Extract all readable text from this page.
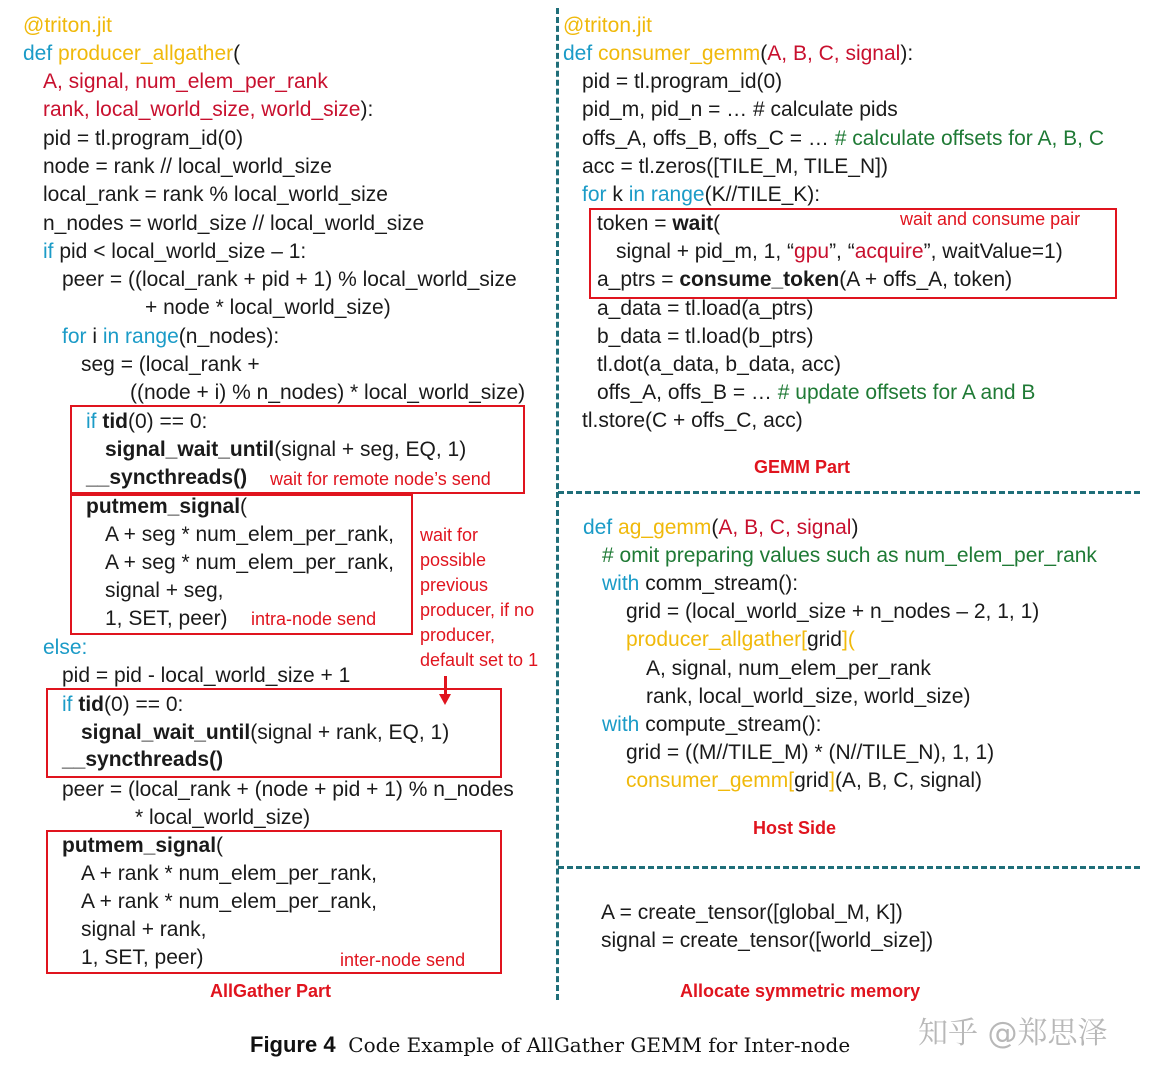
@triton.jit
def producer_allgather(
A, signal, num_elem_per_rank
rank, local_world_size, world_size):
pid = tl.program_id(0)
node = rank // local_world_size
local_rank = rank % local_world_size
n_nodes = world_size // local_world_size
if pid < local_world_size – 1:
peer = ((local_rank + pid + 1) % local_world_size
+ node * local_world_size)
for i in range(n_nodes):
seg = (local_rank +
((node + i) % n_nodes) * local_world_size)
if tid(0) == 0:
signal_wait_until(signal + seg, EQ, 1)
__syncthreads() wait for remote node’s send
putmem_signal(
A + seg * num_elem_per_rank,
A + seg * num_elem_per_rank,
signal + seg,
1, SET, peer) intra-node send
wait for
possible
previous
producer, if no
producer,
default set to 1
else:
pid = pid - local_world_size + 1
if tid(0) == 0:
signal_wait_until(signal + rank, EQ, 1)
__syncthreads()
peer = (local_rank + (node + pid + 1) % n_nodes
* local_world_size)
putmem_signal(
A + rank * num_elem_per_rank,
A + rank * num_elem_per_rank,
signal + rank,
1, SET, peer)	inter-node send
AllGather Part
@triton.jit
def consumer_gemm(A, B, C, signal):
pid = tl.program_id(0)
pid_m, pid_n = … # calculate pids
offs_A, offs_B, offs_C = … # calculate offsets for A, B, C
acc = tl.zeros([TILE_M, TILE_N])
for k in range(K//TILE_K):
token = wait(	wait and consume pair
signal + pid_m, 1, “gpu”, “acquire”, waitValue=1)
a_ptrs = consume_token(A + offs_A, token)
a_data = tl.load(a_ptrs)
b_data = tl.load(b_ptrs)
tl.dot(a_data, b_data, acc)
offs_A, offs_B = … # update offsets for A and B
tl.store(C + offs_C, acc)
GEMM Part
def ag_gemm(A, B, C, signal)
# omit preparing values such as num_elem_per_rank
with comm_stream():
grid = (local_world_size + n_nodes – 2, 1, 1)
producer_allgather[grid](
A, signal, num_elem_per_rank
rank, local_world_size, world_size)
with compute_stream():
grid = ((M//TILE_M) * (N//TILE_N), 1, 1)
consumer_gemm[grid](A, B, C, signal)
Host Side
A = create_tensor([global_M, K])
signal = create_tensor([world_size])
Allocate symmetric memory
Figure 4  Code Example of AllGather GEMM for Inter-node 知乎 @郑思泽
